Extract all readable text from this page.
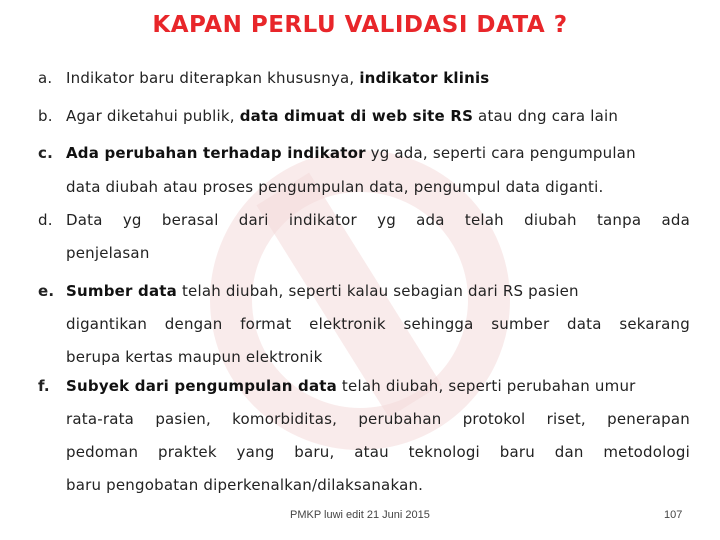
KAPAN PERLU VALIDASI DATA ?
a. Indikator baru diterapkan khususnya, indikator klinis
b. Agar diketahui publik, data dimuat di web site RS atau dng cara lain
c. Ada perubahan terhadap indikator yg ada, seperti cara pengumpulan
data diubah atau proses pengumpulan data, pengumpul data diganti.
d. Data yg berasal dari indikator yg ada telah diubah tanpa ada
penjelasan
e. Sumber data telah diubah, seperti kalau sebagian dari RS pasien
digantikan dengan format elektronik sehingga sumber data sekarang
berupa kertas maupun elektronik
f. Subyek dari pengumpulan data telah diubah, seperti perubahan umur
rata-rata pasien, komorbiditas, perubahan protokol riset, penerapan
pedoman praktek yang baru, atau teknologi baru dan metodologi
baru pengobatan diperkenalkan/dilaksanakan.
PMKP luwi edit 21 Juni 2015	107
